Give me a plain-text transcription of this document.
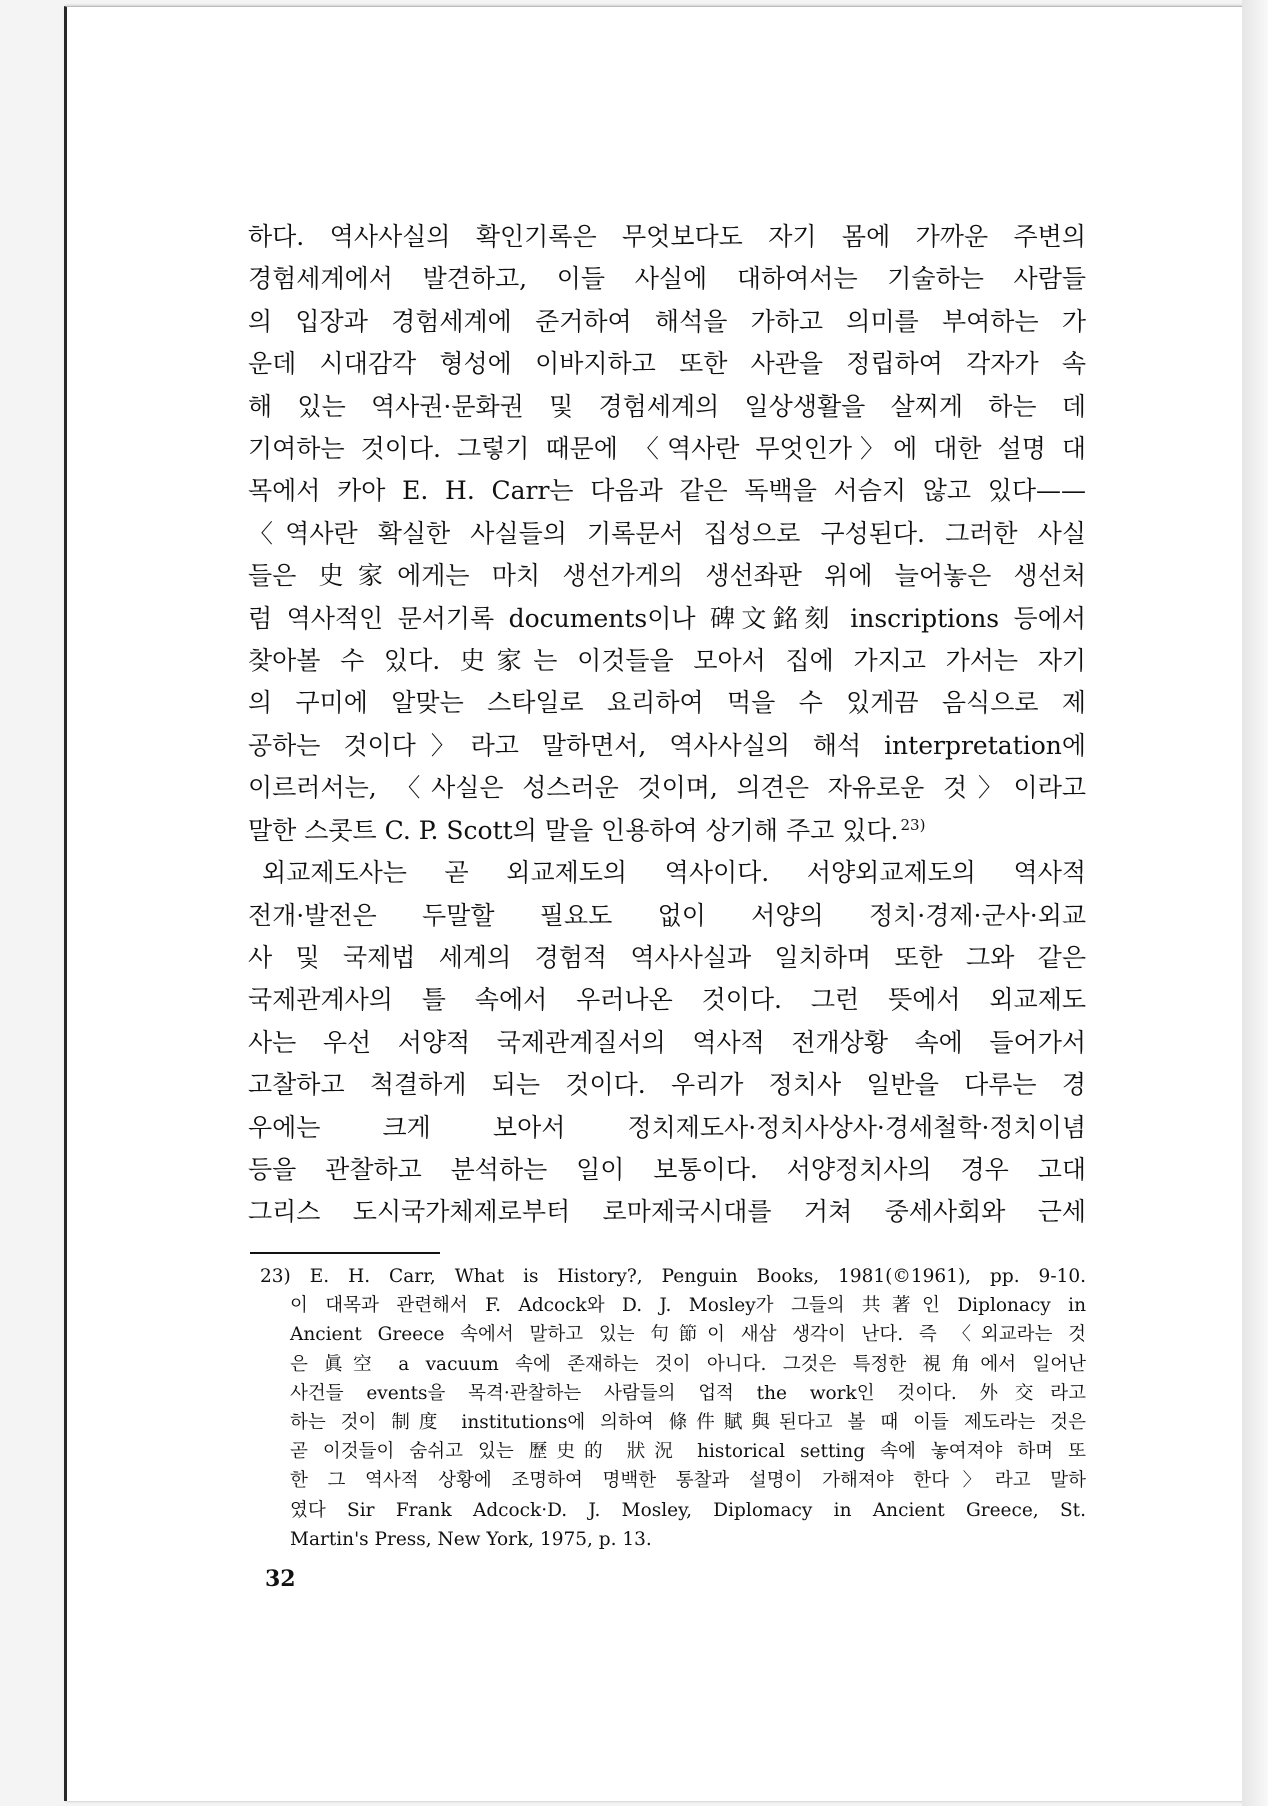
하다. 역사사실의 확인기록은 무엇보다도 자기 몸에 가까운 주변의
경험세계에서 발견하고, 이들 사실에 대하여서는 기술하는 사람들
의 입장과 경험세계에 준거하여 해석을 가하고 의미를 부여하는 가
운데 시대감각 형성에 이바지하고 또한 사관을 정립하여 각자가 속
해 있는 역사권·문화권 및 경험세계의 일상생활을 살찌게 하는 데
기여하는 것이다. 그렇기 때문에 〈역사란 무엇인가〉에 대한 설명 대
목에서 카아 E. H. Carr는 다음과 같은 독백을 서슴지 않고 있다——
〈역사란 확실한 사실들의 기록문서 집성으로 구성된다. 그러한 사실
들은 史家에게는 마치 생선가게의 생선좌판 위에 늘어놓은 생선처
럼 역사적인 문서기록 documents이나 碑文銘刻 inscriptions 등에서
찾아볼 수 있다. 史家는 이것들을 모아서 집에 가지고 가서는 자기
의 구미에 알맞는 스타일로 요리하여 먹을 수 있게끔 음식으로 제
공하는 것이다〉라고 말하면서, 역사사실의 해석 interpretation에
이르러서는, 〈사실은 성스러운 것이며, 의견은 자유로운 것〉이라고
말한 스콧트 C. P. Scott의 말을 인용하여 상기해 주고 있다. $^{23)}$
외교제도사는 곧 외교제도의 역사이다. 서양외교제도의 역사적
전개·발전은 두말할 필요도 없이 서양의 정치·경제·군사·외교
사 및 국제법 세계의 경험적 역사사실과 일치하며 또한 그와 같은
국제관계사의 틀 속에서 우러나온 것이다. 그런 뜻에서 외교제도
사는 우선 서양적 국제관계질서의 역사적 전개상황 속에 들어가서
고찰하고 척결하게 되는 것이다. 우리가 정치사 일반을 다루는 경
우에는 크게 보아서 정치제도사·정치사상사·경세철학·정치이념
등을 관찰하고 분석하는 일이 보통이다. 서양정치사의 경우 고대
그리스 도시국가체제로부터 로마제국시대를 거쳐 중세사회와 근세
23) E. H. Carr, What is History?, Penguin Books, 1981(©1961), pp. 9-10.
이 대목과 관련해서 F. Adcock와 D. J. Mosley가 그들의 共著인 Diplonacy in
Ancient Greece 속에서 말하고 있는 句節이 새삼 생각이 난다. 즉 〈외교라는 것
은 眞空 a vacuum 속에 존재하는 것이 아니다. 그것은 특정한 視角에서 일어난
사건들 events을 목격·관찰하는 사람들의 업적 the work인 것이다. 外交라고
하는 것이 制度 institutions에 의하여 條件賦與된다고 볼 때 이들 제도라는 것은
곧 이것들이 숨쉬고 있는 歷史的 狀況 historical setting 속에 놓여져야 하며 또
한 그 역사적 상황에 조명하여 명백한 통찰과 설명이 가해져야 한다〉라고 말하
였다 Sir Frank Adcock·D. J. Mosley, Diplomacy in Ancient Greece, St.
Martin's Press, New York, 1975, p. 13.
32
